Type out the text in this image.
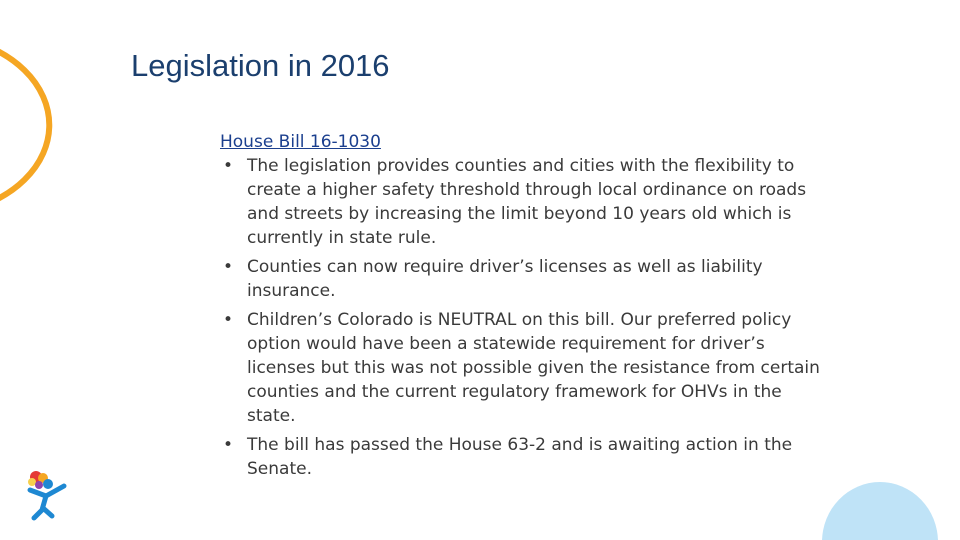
Legislation in 2016
House Bill 16-1030
• The legislation provides counties and cities with the flexibility to create a higher safety threshold through local ordinance on roads and streets by increasing the limit beyond 10 years old which is currently in state rule.
• Counties can now require driver’s licenses as well as liability insurance.
• Children’s Colorado is NEUTRAL on this bill. Our preferred policy option would have been a statewide requirement for driver’s licenses but this was not possible given the resistance from certain counties and the current regulatory framework for OHVs in the state.
• The bill has passed the House 63-2 and is awaiting action in the Senate.
